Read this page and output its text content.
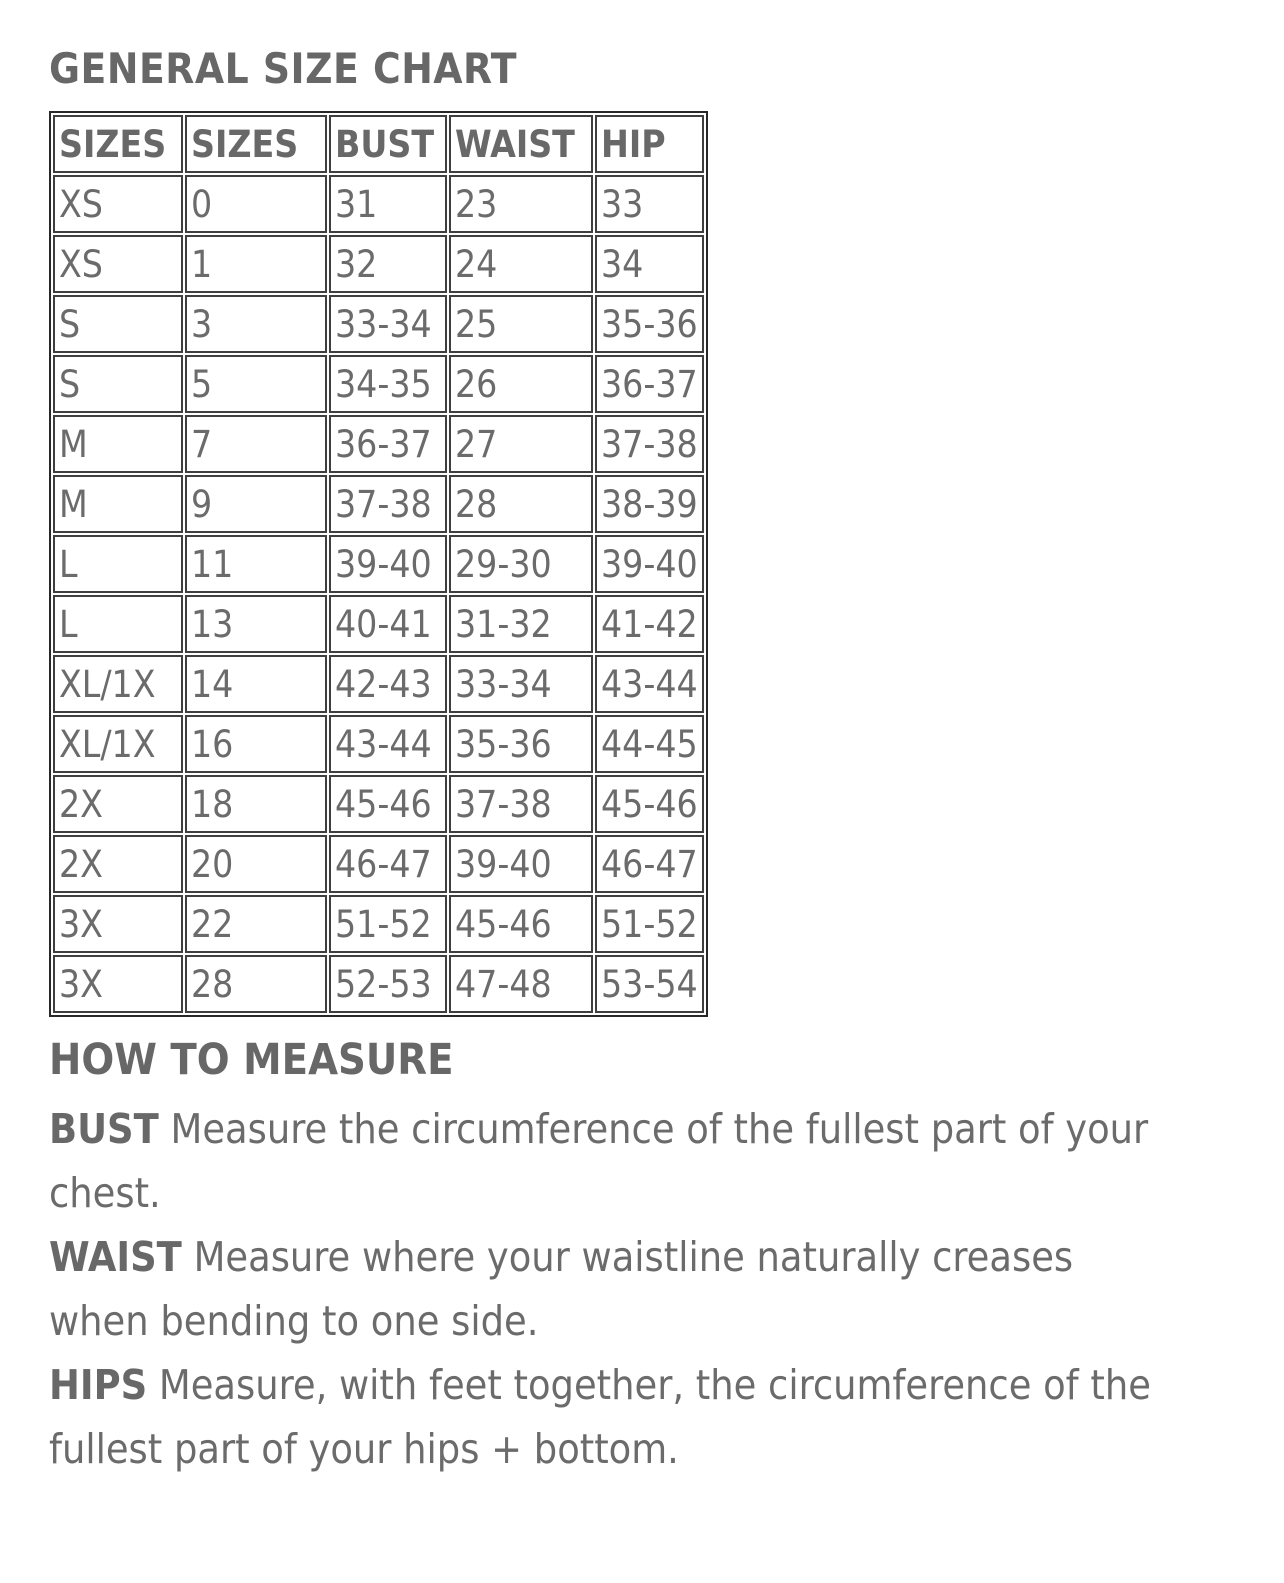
GENERAL SIZE CHART
SIZES	SIZES	BUST	WAIST	HIP
XS	0	31	23	33
XS	1	32	24	34
S	3	33-34	25	35-36
S	5	34-35	26	36-37
M	7	36-37	27	37-38
M	9	37-38	28	38-39
L	11	39-40	29-30	39-40
L	13	40-41	31-32	41-42
XL/1X	14	42-43	33-34	43-44
XL/1X	16	43-44	35-36	44-45
2X	18	45-46	37-38	45-46
2X	20	46-47	39-40	46-47
3X	22	51-52	45-46	51-52
3X	28	52-53	47-48	53-54
HOW TO MEASURE

BUST Measure the circumference of the fullest part of your chest.

WAIST Measure where your waistline naturally creases when bending to one side.

HIPS Measure, with feet together, the circumference of the fullest part of your hips + bottom.
